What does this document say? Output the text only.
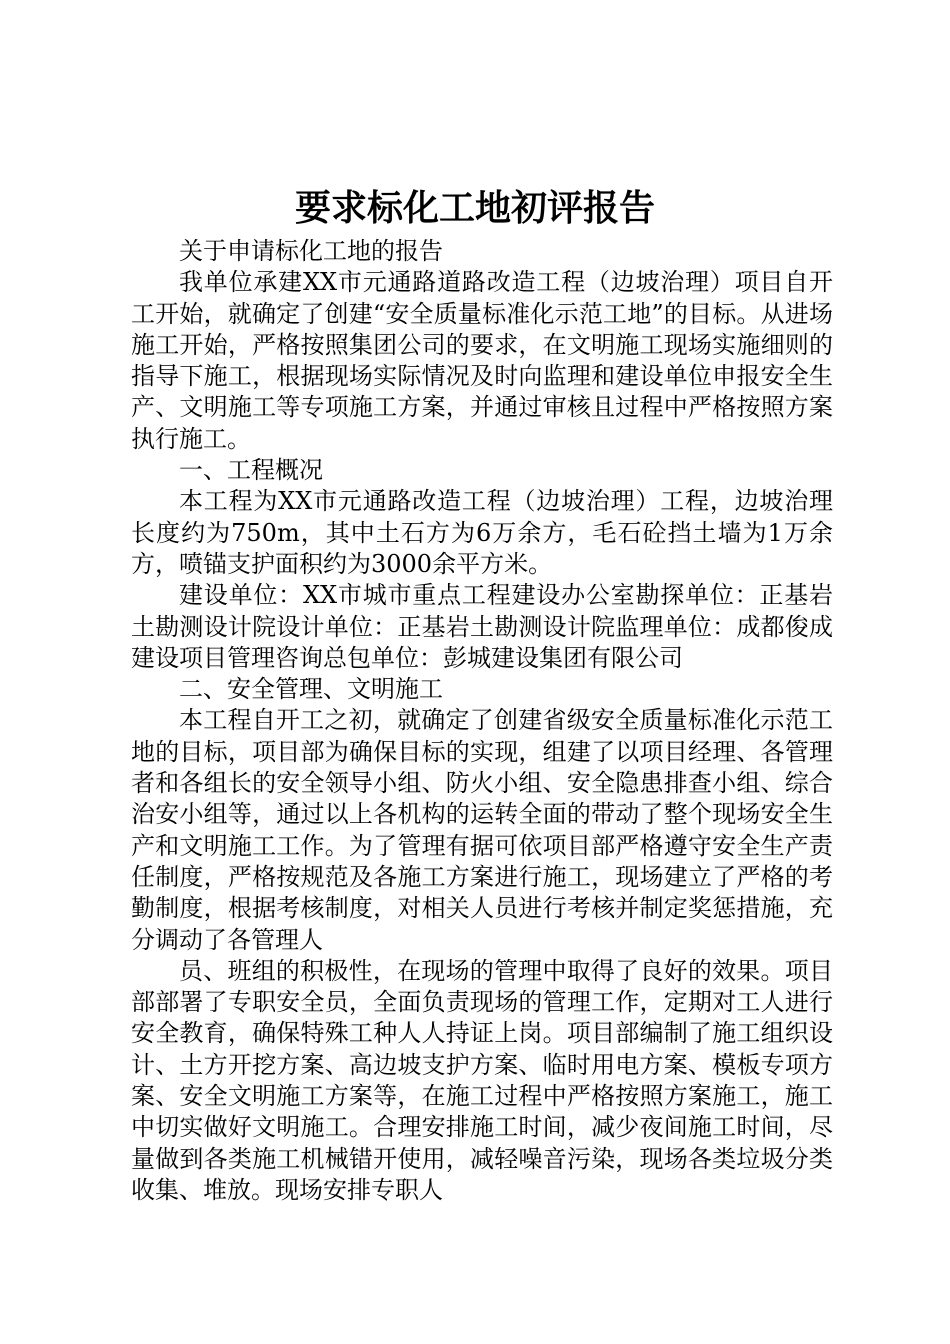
要求标化工地初评报告

关于申请标化工地的报告

我单位承建XX市元通路道路改造工程（边坡治理）项目自开工开始，就确定了创建“安全质量标准化示范工地”的目标。从进场施工开始，严格按照集团公司的要求，在文明施工现场实施细则的指导下施工，根据现场实际情况及时向监理和建设单位申报安全生产、文明施工等专项施工方案，并通过审核且过程中严格按照方案执行施工。

一、工程概况

本工程为XX市元通路改造工程（边坡治理）工程，边坡治理长度约为750m，其中土石方为6万余方，毛石砼挡土墙为1万余方，喷锚支护面积约为3000余平方米。

建设单位：XX市城市重点工程建设办公室勘探单位：正基岩土勘测设计院设计单位：正基岩土勘测设计院监理单位：成都俊成建设项目管理咨询总包单位：彭城建设集团有限公司

二、安全管理、文明施工

本工程自开工之初，就确定了创建省级安全质量标准化示范工地的目标，项目部为确保目标的实现，组建了以项目经理、各管理者和各组长的安全领导小组、防火小组、安全隐患排查小组、综合治安小组等，通过以上各机构的运转全面的带动了整个现场安全生产和文明施工工作。为了管理有据可依项目部严格遵守安全生产责任制度，严格按规范及各施工方案进行施工，现场建立了严格的考勤制度，根据考核制度，对相关人员进行考核并制定奖惩措施，充分调动了各管理人

员、班组的积极性，在现场的管理中取得了良好的效果。项目部部署了专职安全员，全面负责现场的管理工作，定期对工人进行安全教育，确保特殊工种人人持证上岗。项目部编制了施工组织设计、土方开挖方案、高边坡支护方案、临时用电方案、模板专项方案、安全文明施工方案等，在施工过程中严格按照方案施工，施工中切实做好文明施工。合理安排施工时间，减少夜间施工时间，尽量做到各类施工机械错开使用，减轻噪音污染，现场各类垃圾分类收集、堆放。现场安排专职人
